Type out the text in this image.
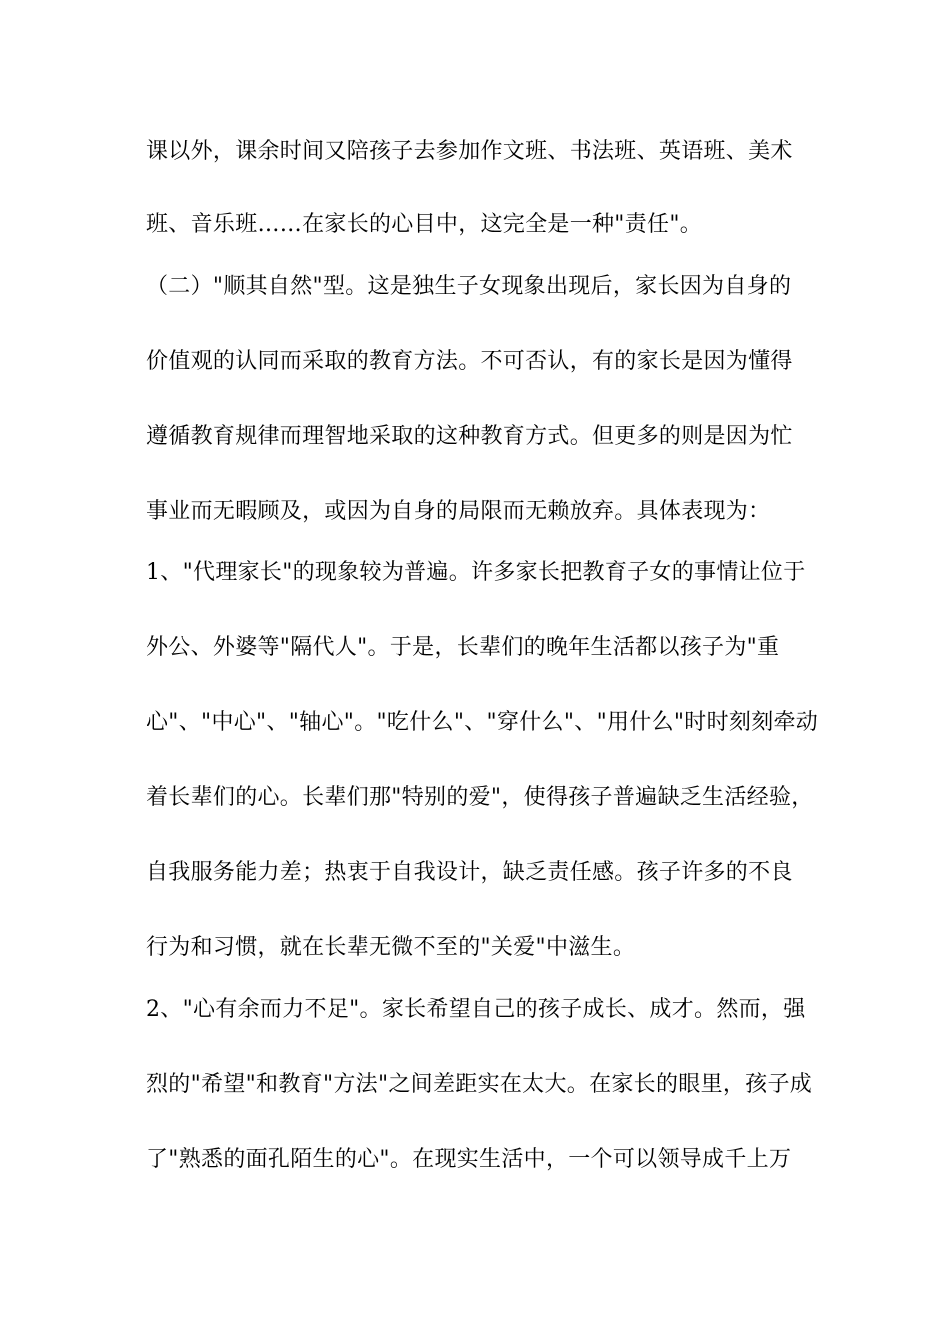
课以外，课余时间又陪孩子去参加作文班、书法班、英语班、美术
班、音乐班……在家长的心目中，这完全是一种"责任"。
（二）"顺其自然"型。这是独生子女现象出现后，家长因为自身的
价值观的认同而采取的教育方法。不可否认，有的家长是因为懂得
遵循教育规律而理智地采取的这种教育方式。但更多的则是因为忙
事业而无暇顾及，或因为自身的局限而无赖放弃。具体表现为：
1、"代理家长"的现象较为普遍。许多家长把教育子女的事情让位于
外公、外婆等"隔代人"。于是，长辈们的晚年生活都以孩子为"重
心"、"中心"、"轴心"。"吃什么"、"穿什么"、"用什么"时时刻刻牵动
着长辈们的心。长辈们那"特别的爱"，使得孩子普遍缺乏生活经验，
自我服务能力差；热衷于自我设计，缺乏责任感。孩子许多的不良
行为和习惯，就在长辈无微不至的"关爱"中滋生。
2、"心有余而力不足"。家长希望自己的孩子成长、成才。然而，强
烈的"希望"和教育"方法"之间差距实在太大。在家长的眼里，孩子成
了"熟悉的面孔陌生的心"。在现实生活中，一个可以领导成千上万
